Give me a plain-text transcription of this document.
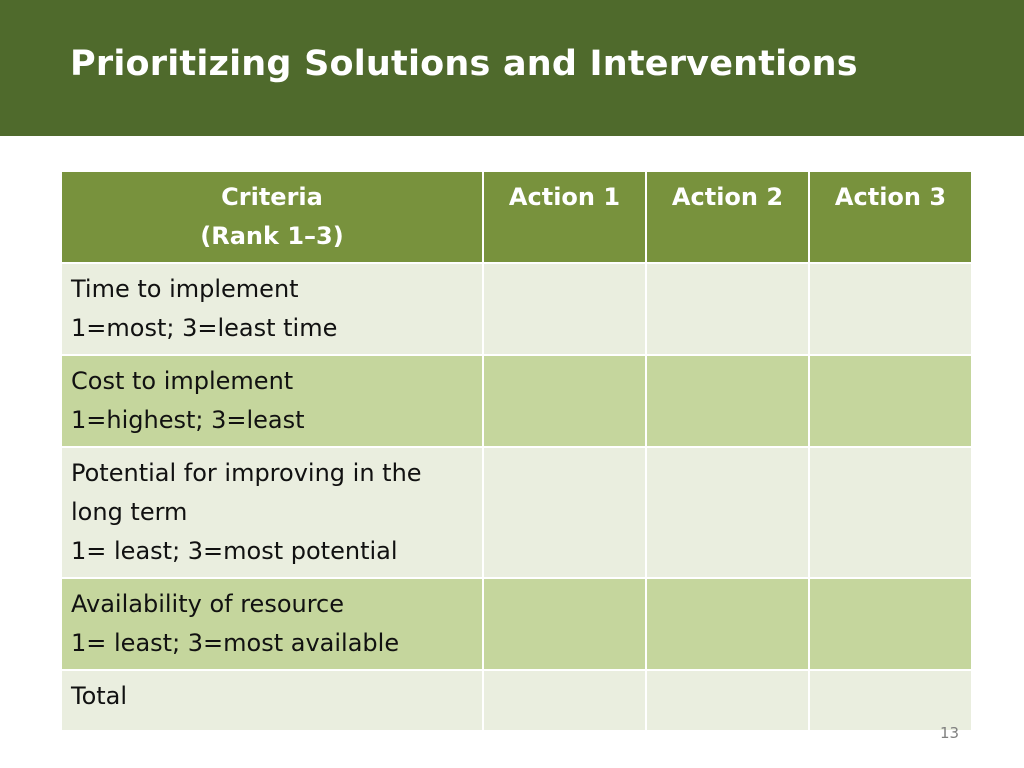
Prioritizing Solutions and Interventions
Criteria
(Rank 1–3)	Action 1	Action 2	Action 3

Time to implement
1=most; 3=least time			

Cost to implement
1=highest; 3=least			

Potential for improving in the
long term
1= least; 3=most potential			

Availability of resource
1= least; 3=most available			

Total			

13
